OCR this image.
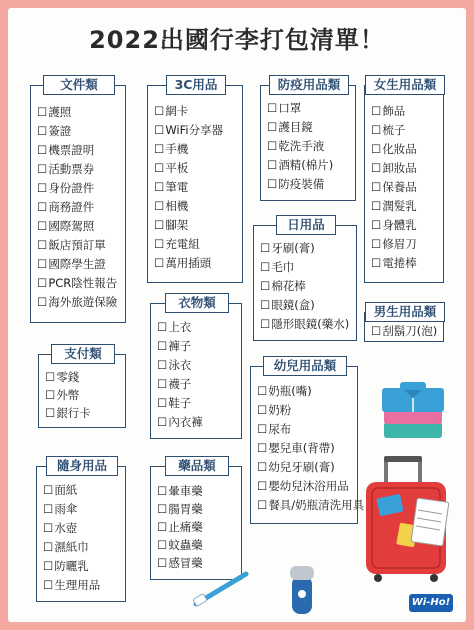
2022出國行李打包清單！
文件類
☐護照
☐簽證
☐機票證明
☐活動票券
☐身份證件
☐商務證件
☐國際駕照
☐飯店預訂單
☐國際學生證
☐PCR陰性報告
☐海外旅遊保險
3C用品
☐網卡
☐WiFi分享器
☐手機
☐平板
☐筆電
☐相機
☐腳架
☐充電組
☐萬用插頭
防疫用品類
☐口罩
☐護目鏡
☐乾洗手液
☐酒精(棉片)
☐防疫裝備
女生用品類
☐飾品
☐梳子
☐化妝品
☐卸妝品
☐保養品
☐潤髮乳
☐身體乳
☐修眉刀
☐電捲棒
日用品
☐牙刷(膏)
☐毛巾
☐棉花棒
☐眼鏡(盒)
☐隱形眼鏡(藥水)
男生用品類
☐刮鬍刀(泡)
衣物類
☐上衣
☐褲子
☐泳衣
☐襪子
☐鞋子
☐內衣褲
支付類
☐零錢
☐外幣
☐銀行卡
幼兒用品類
☐奶瓶(嘴)
☐奶粉
☐尿布
☐嬰兒車(背帶)
☐幼兒牙刷(膏)
☐嬰幼兒沐浴用品
☐餐具/奶瓶清洗用具
隨身用品
☐面紙
☐雨傘
☐水壺
☐濕紙巾
☐防曬乳
☐生理用品
藥品類
☐暈車藥
☐腸胃藥
☐止痛藥
☐蚊蟲藥
☐感冒藥
Wi-Ho!
